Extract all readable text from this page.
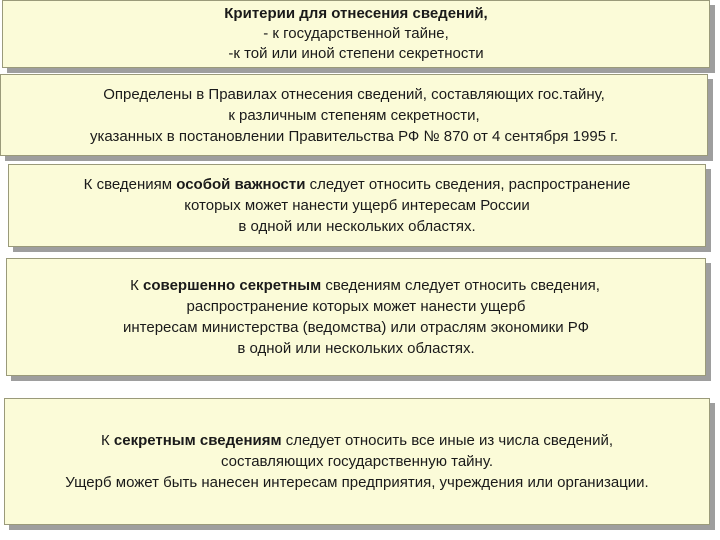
Критерии для отнесения сведений,
- к государственной тайне,
-к той или иной степени секретности
Определены в Правилах отнесения сведений, составляющих гос.тайну,
к различным степеням секретности,
указанных в постановлении Правительства РФ № 870 от 4 сентября 1995 г.
К сведениям особой важности следует относить сведения, распространение
которых может нанести ущерб интересам России
в одной или нескольких областях.
К совершенно секретным сведениям следует относить сведения,
распространение которых может нанести ущерб
интересам министерства (ведомства) или отраслям экономики РФ
в одной или нескольких областях.
К секретным сведениям следует относить все иные из числа сведений,
составляющих государственную тайну.
Ущерб может быть нанесен интересам предприятия, учреждения или организации.
